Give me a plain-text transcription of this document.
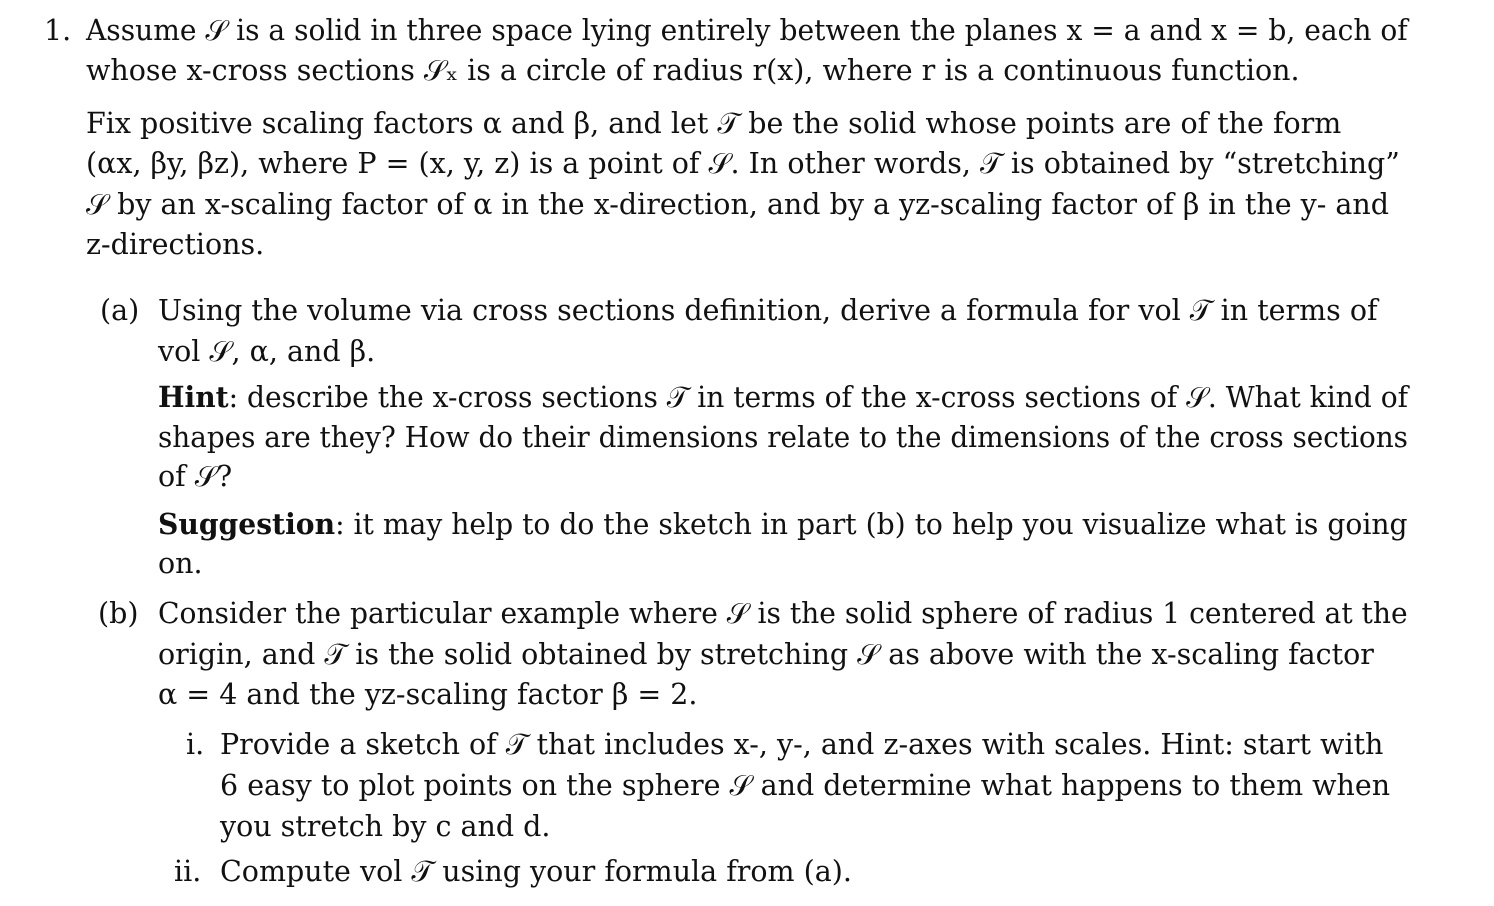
1. Assume 𝒮 is a solid in three space lying entirely between the planes x = a and x = b, each of
whose x-cross sections 𝒮ₓ is a circle of radius r(x), where r is a continuous function.
Fix positive scaling factors α and β, and let 𝒯 be the solid whose points are of the form
(αx, βy, βz), where P = (x, y, z) is a point of 𝒮. In other words, 𝒯 is obtained by “stretching”
𝒮 by an x-scaling factor of α in the x-direction, and by a yz-scaling factor of β in the y- and
z-directions.
(a) Using the volume via cross sections definition, derive a formula for vol 𝒯 in terms of
vol 𝒮, α, and β.
Hint: describe the x-cross sections 𝒯 in terms of the x-cross sections of 𝒮. What kind of
shapes are they? How do their dimensions relate to the dimensions of the cross sections
of 𝒮?
Suggestion: it may help to do the sketch in part (b) to help you visualize what is going
on.
(b) Consider the particular example where 𝒮 is the solid sphere of radius 1 centered at the
origin, and 𝒯 is the solid obtained by stretching 𝒮 as above with the x-scaling factor
α = 4 and the yz-scaling factor β = 2.
i. Provide a sketch of 𝒯 that includes x-, y-, and z-axes with scales. Hint: start with
6 easy to plot points on the sphere 𝒮 and determine what happens to them when
you stretch by c and d.
ii. Compute vol 𝒯 using your formula from (a).
